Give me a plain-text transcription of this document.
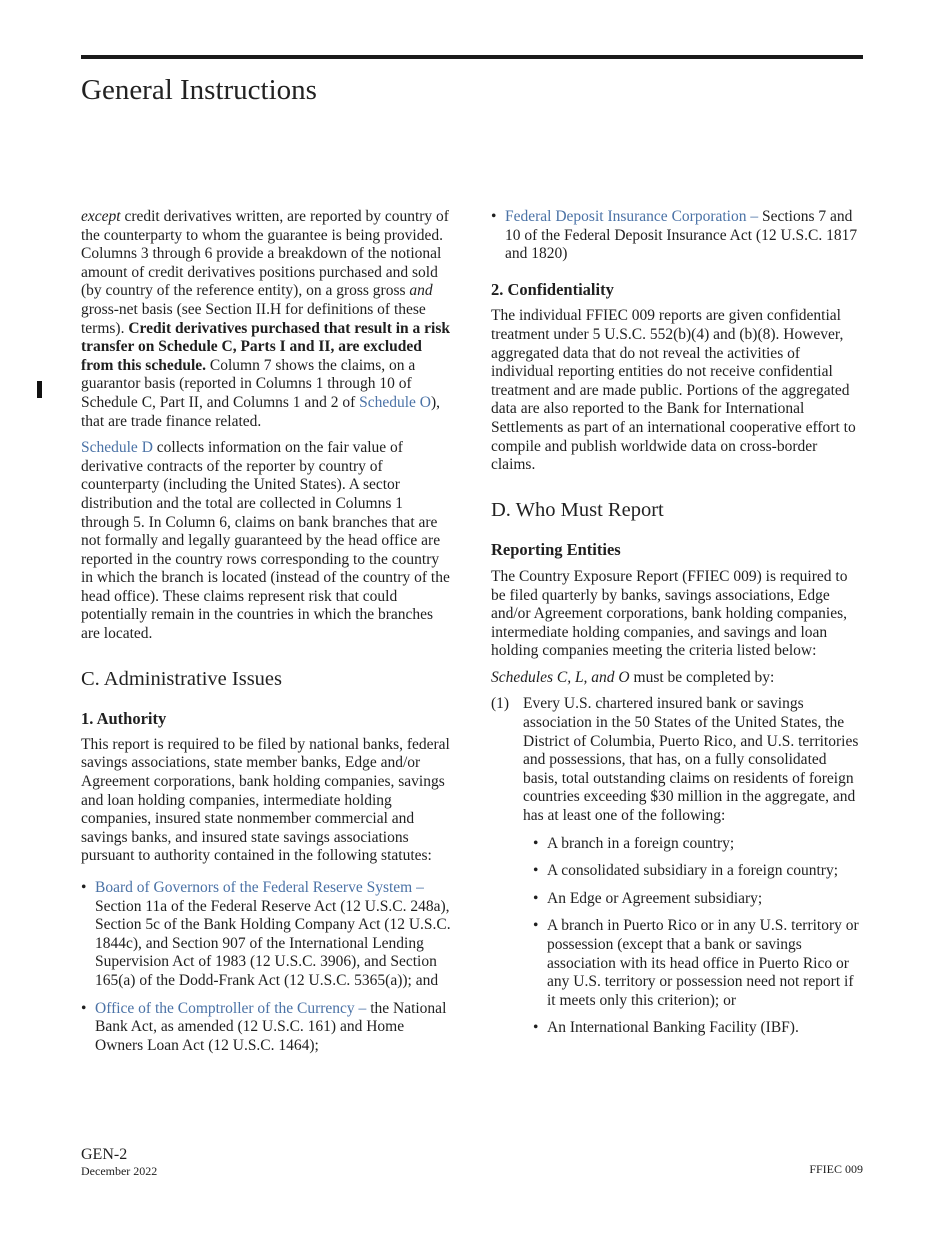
General Instructions

except credit derivatives written, are reported by country of the counterparty to whom the guarantee is being provided. Columns 3 through 6 provide a breakdown of the notional amount of credit derivatives positions purchased and sold (by country of the reference entity), on a gross gross and gross-net basis (see Section II.H for definitions of these terms). Credit derivatives purchased that result in a risk transfer on Schedule C, Parts I and II, are excluded from this schedule. Column 7 shows the claims, on a guarantor basis (reported in Columns 1 through 10 of Schedule C, Part II, and Columns 1 and 2 of Schedule O), that are trade finance related.

Schedule D collects information on the fair value of derivative contracts of the reporter by country of counterparty (including the United States). A sector distribution and the total are collected in Columns 1 through 5. In Column 6, claims on bank branches that are not formally and legally guaranteed by the head office are reported in the country rows corresponding to the country in which the branch is located (instead of the country of the head office). These claims represent risk that could potentially remain in the countries in which the branches are located.

C. Administrative Issues
1. Authority

This report is required to be filed by national banks, federal savings associations, state member banks, Edge and/or Agreement corporations, bank holding companies, savings and loan holding companies, intermediate holding companies, insured state nonmember commercial and savings banks, and insured state savings associations pursuant to authority contained in the following statutes:

• Board of Governors of the Federal Reserve System – Section 11a of the Federal Reserve Act (12 U.S.C. 248a), Section 5c of the Bank Holding Company Act (12 U.S.C. 1844c), and Section 907 of the International Lending Supervision Act of 1983 (12 U.S.C. 3906), and Section 165(a) of the Dodd-Frank Act (12 U.S.C. 5365(a)); and
• Office of the Comptroller of the Currency – the National Bank Act, as amended (12 U.S.C. 161) and Home Owners Loan Act (12 U.S.C. 1464);
• Federal Deposit Insurance Corporation – Sections 7 and 10 of the Federal Deposit Insurance Act (12 U.S.C. 1817 and 1820)
2. Confidentiality

The individual FFIEC 009 reports are given confidential treatment under 5 U.S.C. 552(b)(4) and (b)(8). However, aggregated data that do not reveal the activities of individual reporting entities do not receive confidential treatment and are made public. Portions of the aggregated data are also reported to the Bank for International Settlements as part of an international cooperative effort to compile and publish worldwide data on cross-border claims.

D. Who Must Report
Reporting Entities

The Country Exposure Report (FFIEC 009) is required to be filed quarterly by banks, savings associations, Edge and/or Agreement corporations, bank holding companies, intermediate holding companies, and savings and loan holding companies meeting the criteria listed below:

Schedules C, L, and O must be completed by:

(1) Every U.S. chartered insured bank or savings association in the 50 States of the United States, the District of Columbia, Puerto Rico, and U.S. territories and possessions, that has, on a fully consolidated basis, total outstanding claims on residents of foreign countries exceeding $30 million in the aggregate, and has at least one of the following:
• A branch in a foreign country;
• A consolidated subsidiary in a foreign country;
• An Edge or Agreement subsidiary;
• A branch in Puerto Rico or in any U.S. territory or possession (except that a bank or savings association with its head office in Puerto Rico or any U.S. territory or possession need not report if it meets only this criterion); or
• An International Banking Facility (IBF).
GEN-2
December 2022	FFIEC 009
